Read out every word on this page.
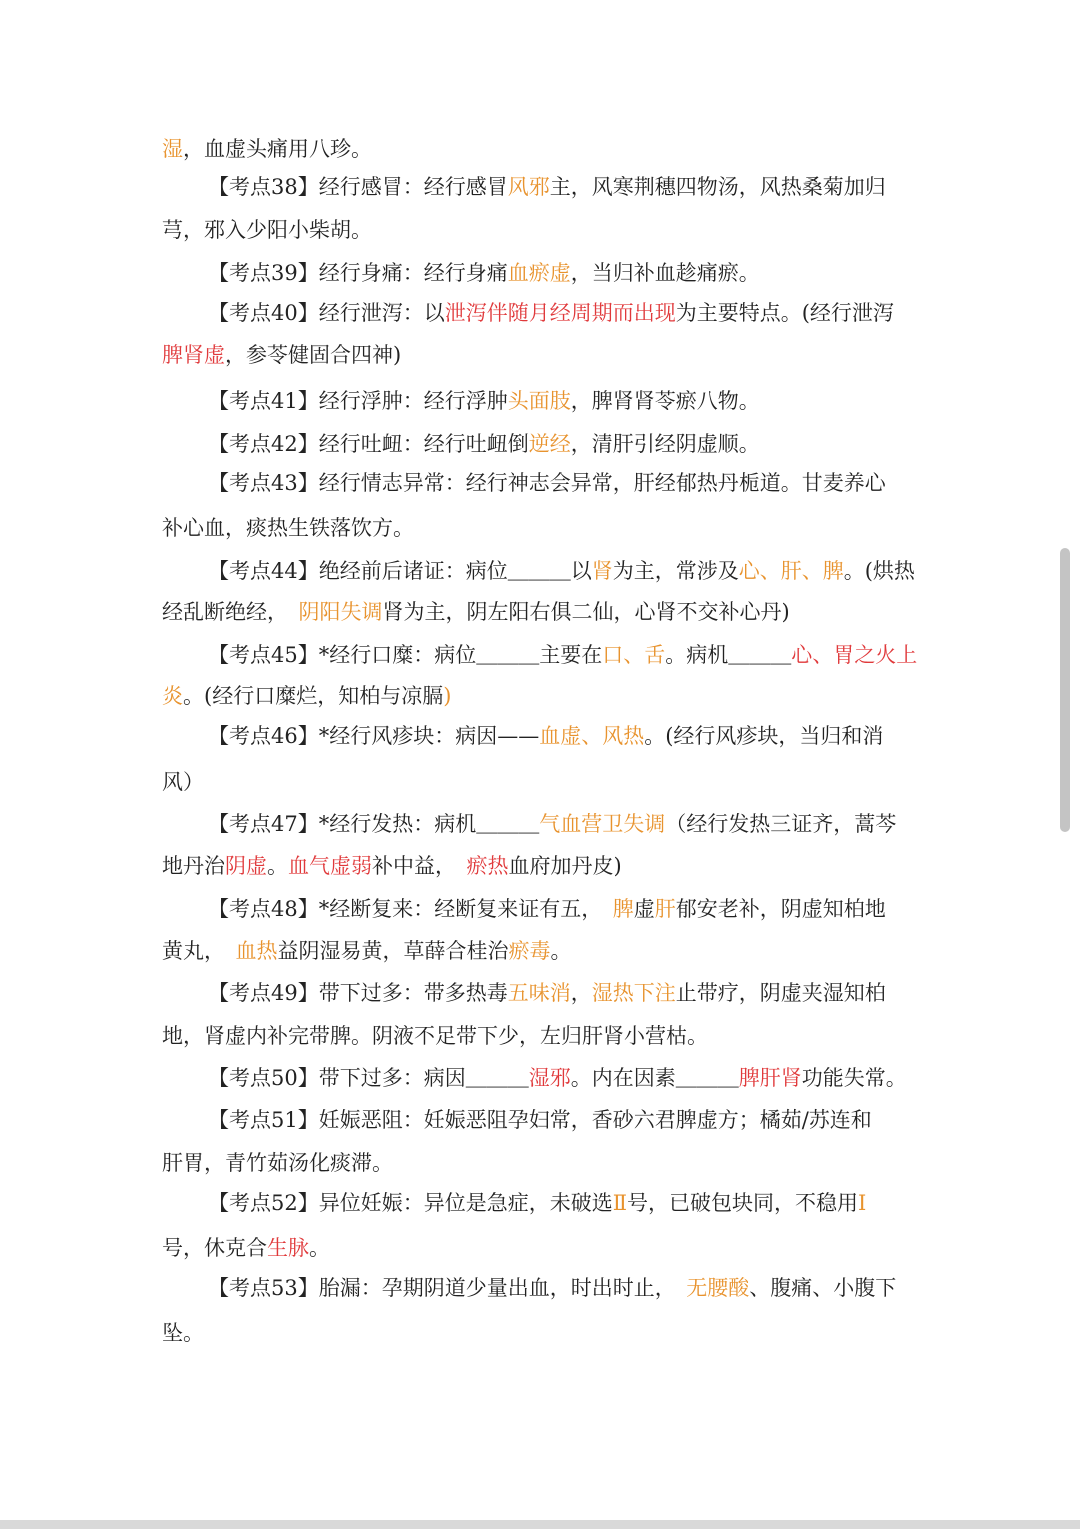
湿，血虚头痛用八珍。
【考点38】经行感冒：经行感冒风邪主，风寒荆穗四物汤，风热桑菊加归
芎，邪入少阳小柴胡。
【考点39】经行身痛：经行身痛血瘀虚，当归补血趁痛瘀。
【考点40】经行泄泻：以泄泻伴随月经周期而出现为主要特点。(经行泄泻
脾肾虚，参苓健固合四神)
【考点41】经行浮肿：经行浮肿头面肢，脾肾肾苓瘀八物。
【考点42】经行吐衄：经行吐衄倒逆经，清肝引经阴虚顺。
【考点43】经行情志异常：经行神志会异常，肝经郁热丹栀道。甘麦养心
补心血，痰热生铁落饮方。
【考点44】绝经前后诸证：病位＿＿＿以肾为主，常涉及心、肝、脾。(烘热
经乱断绝经，　阴阳失调肾为主，阴左阳右俱二仙，心肾不交补心丹)
【考点45】*经行口糜：病位＿＿＿主要在口、舌。病机＿＿＿心、胃之火上
炎。(经行口糜烂，知柏与凉膈)
【考点46】*经行风疹块：病因——血虚、风热。(经行风疹块，当归和消
风）
【考点47】*经行发热：病机＿＿＿气血营卫失调（经行发热三证齐，蒿芩
地丹治阴虚。血气虚弱补中益，　瘀热血府加丹皮)
【考点48】*经断复来：经断复来证有五，　脾虚肝郁安老补，阴虚知柏地
黄丸，　血热益阴湿易黄，草薛合桂治瘀毒。
【考点49】带下过多：带多热毒五味消，湿热下注止带疗，阴虚夹湿知柏
地，肾虚内补完带脾。阴液不足带下少，左归肝肾小营枯。
【考点50】带下过多：病因＿＿＿湿邪。内在因素＿＿＿脾肝肾功能失常。
【考点51】妊娠恶阻：妊娠恶阻孕妇常，香砂六君脾虚方；橘茹/苏连和
肝胃，青竹茹汤化痰滞。
【考点52】异位妊娠：异位是急症，未破选Ⅱ号，已破包块同，不稳用I
号，休克合生脉。
【考点53】胎漏：孕期阴道少量出血，时出时止，　无腰酸、腹痛、小腹下
坠。
